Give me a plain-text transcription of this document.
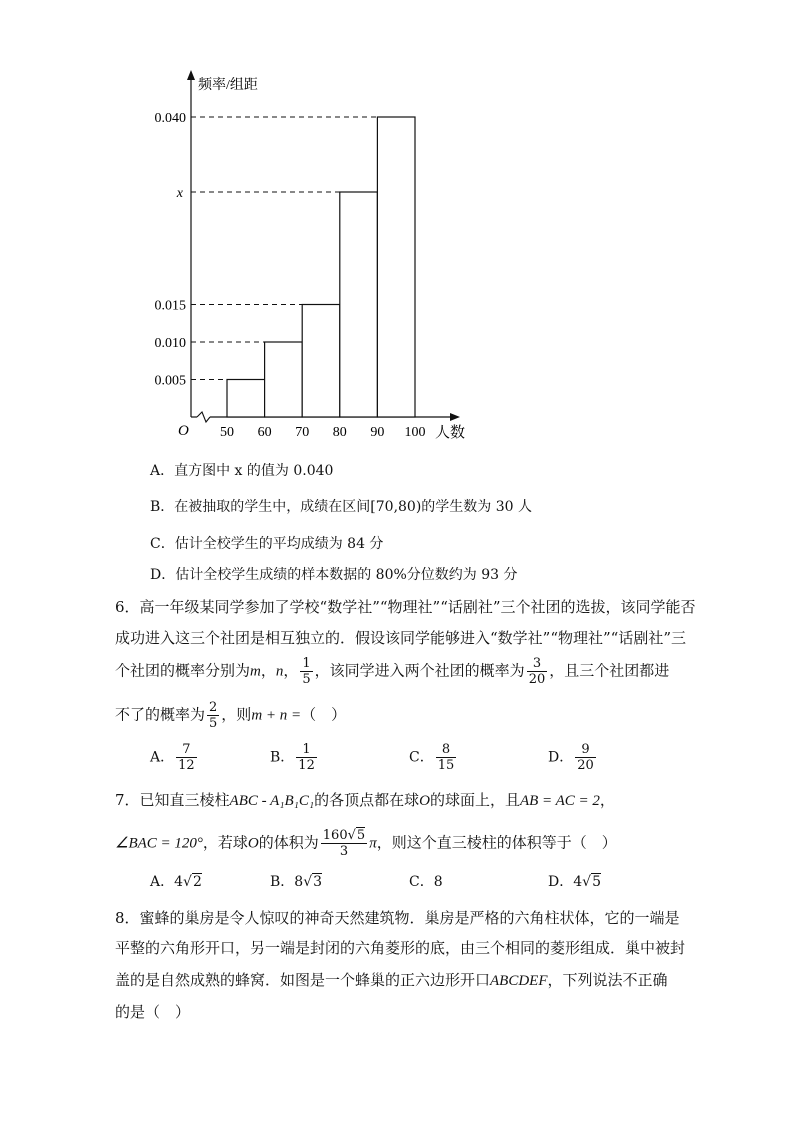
频率/组距
人数
O
0.040
x
0.015
0.010
0.005
50 60 70 80 90 100
A．直方图中 x 的值为 0.040
B．在被抽取的学生中，成绩在区间[70,80)的学生数为 30 人
C．估计全校学生的平均成绩为 84 分
D．估计全校学生成绩的样本数据的 80%分位数约为 93 分
6．高一年级某同学参加了学校“数学社”“物理社”“话剧社”三个社团的选拔，该同学能否
成功进入这三个社团是相互独立的．假设该同学能够进入“数学社”“物理社”“话剧社”三
个社团的概率分别为m，n， $\frac{1}{5}$ ，该同学进入两个社团的概率为 $\frac{3}{20}$ ，且三个社团都进
不了的概率为 $\frac{2}{5}$ ，则m + n =（　）
A． $\frac{7}{12}$	B． $\frac{1}{12}$	C． $\frac{8}{15}$	D． $\frac{9}{20}$
7．已知直三棱柱ABC - A₁B₁C₁的各顶点都在球O的球面上，且AB = AC = 2，
∠BAC = 120°，若球O的体积为 $\frac{160√5}{3}$ π，则这个直三棱柱的体积等于（　）
A．4√2	B．8√3	C．8	D．4√5
8．蜜蜂的巢房是令人惊叹的神奇天然建筑物．巢房是严格的六角柱状体，它的一端是
平整的六角形开口，另一端是封闭的六角菱形的底，由三个相同的菱形组成．巢中被封
盖的是自然成熟的蜂窝．如图是一个蜂巢的正六边形开口ABCDEF，下列说法不正确
的是（　）
